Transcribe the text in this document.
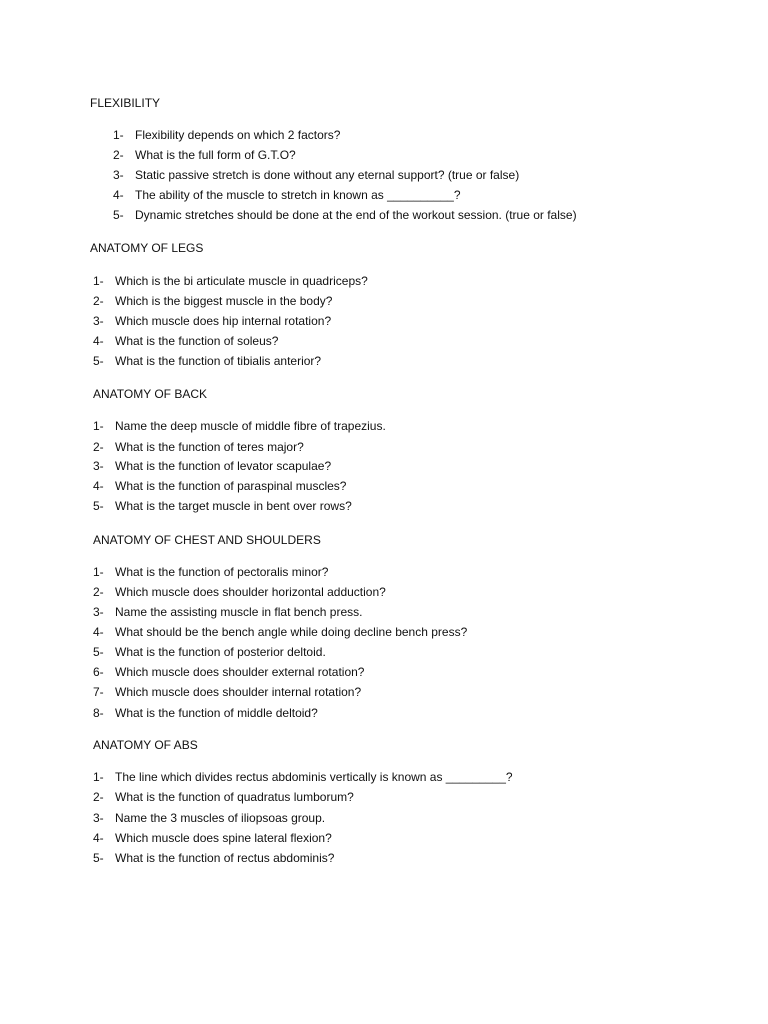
FLEXIBILITY
1- Flexibility depends on which 2 factors?
2- What is the full form of G.T.O?
3- Static passive stretch is done without any eternal support? (true or false)
4- The ability of the muscle to stretch in known as __________?
5- Dynamic stretches should be done at the end of the workout session. (true or false)
ANATOMY OF LEGS
1- Which is the bi articulate muscle in quadriceps?
2- Which is the biggest muscle in the body?
3- Which muscle does hip internal rotation?
4- What is the function of soleus?
5- What is the function of tibialis anterior?
ANATOMY OF BACK
1- Name the deep muscle of middle fibre of trapezius.
2- What is the function of teres major?
3- What is the function of levator scapulae?
4- What is the function of paraspinal muscles?
5- What is the target muscle in bent over rows?
ANATOMY OF CHEST AND SHOULDERS
1- What is the function of pectoralis minor?
2- Which muscle does shoulder horizontal adduction?
3- Name the assisting muscle in flat bench press.
4- What should be the bench angle while doing decline bench press?
5- What is the function of posterior deltoid.
6- Which muscle does shoulder external rotation?
7- Which muscle does shoulder internal rotation?
8- What is the function of middle deltoid?
ANATOMY OF ABS
1- The line which divides rectus abdominis vertically is known as _________?
2- What is the function of quadratus lumborum?
3- Name the 3 muscles of iliopsoas group.
4- Which muscle does spine lateral flexion?
5- What is the function of rectus abdominis?
